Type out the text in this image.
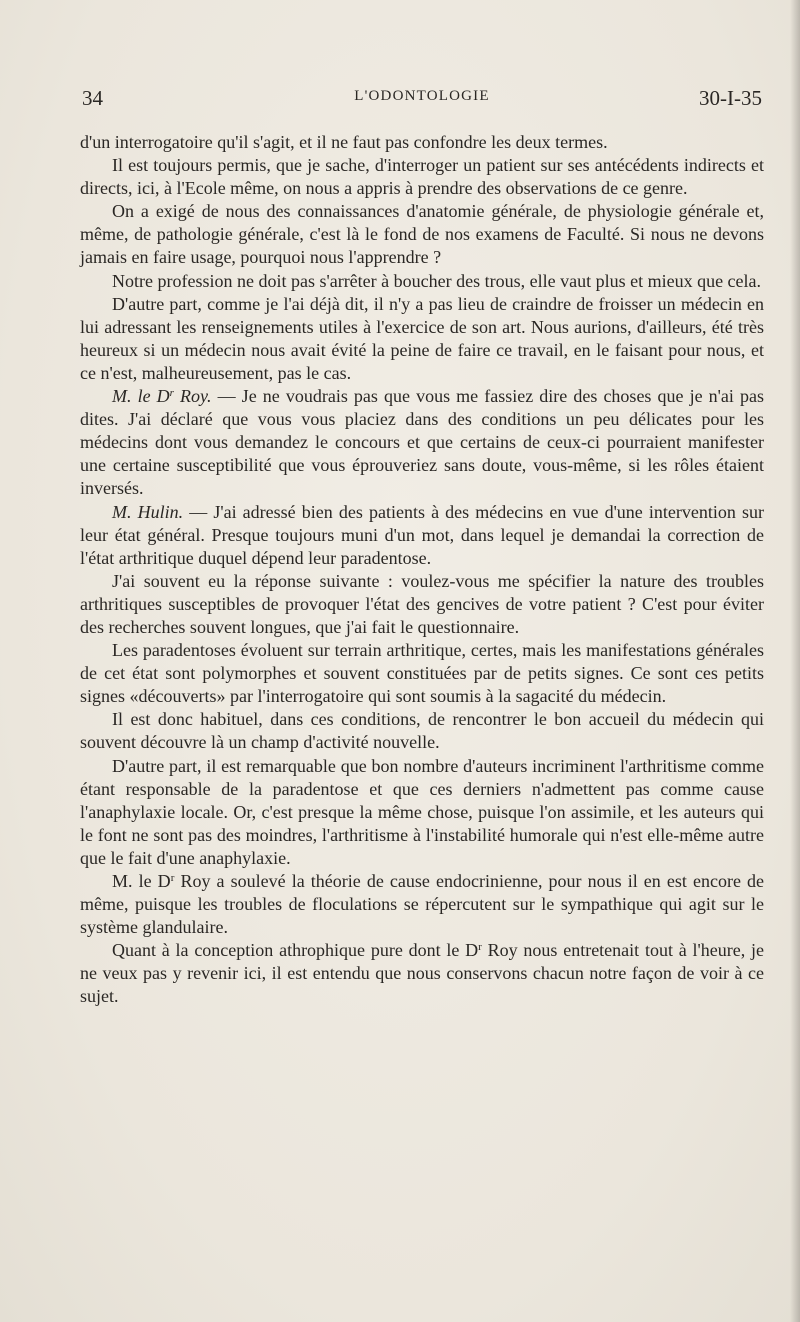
34	L'ODONTOLOGIE	30-I-35

d'un interrogatoire qu'il s'agit, et il ne faut pas confondre les deux termes.

Il est toujours permis, que je sache, d'interroger un patient sur ses antécédents indirects et directs, ici, à l'Ecole même, on nous a appris à prendre des observations de ce genre.

On a exigé de nous des connaissances d'anatomie générale, de physiologie générale et, même, de pathologie générale, c'est là le fond de nos examens de Faculté. Si nous ne devons jamais en faire usage, pourquoi nous l'apprendre ?

Notre profession ne doit pas s'arrêter à boucher des trous, elle vaut plus et mieux que cela.

D'autre part, comme je l'ai déjà dit, il n'y a pas lieu de craindre de froisser un médecin en lui adressant les renseignements utiles à l'exercice de son art. Nous aurions, d'ailleurs, été très heureux si un médecin nous avait évité la peine de faire ce travail, en le faisant pour nous, et ce n'est, malheureusement, pas le cas.

M. le $D^r$ Roy. — Je ne voudrais pas que vous me fassiez dire des choses que je n'ai pas dites. J'ai déclaré que vous vous placiez dans des conditions un peu délicates pour les médecins dont vous demandez le concours et que certains de ceux-ci pourraient manifester une certaine susceptibilité que vous éprouveriez sans doute, vous-même, si les rôles étaient inversés.

M. Hulin. — J'ai adressé bien des patients à des médecins en vue d'une intervention sur leur état général. Presque toujours muni d'un mot, dans lequel je demandai la correction de l'état arthritique duquel dépend leur paradentose.

J'ai souvent eu la réponse suivante : voulez-vous me spécifier la nature des troubles arthritiques susceptibles de provoquer l'état des gencives de votre patient ? C'est pour éviter des recherches souvent longues, que j'ai fait le questionnaire.

Les paradentoses évoluent sur terrain arthritique, certes, mais les manifestations générales de cet état sont polymorphes et souvent constituées par de petits signes. Ce sont ces petits signes «découverts» par l'interrogatoire qui sont soumis à la sagacité du médecin.

Il est donc habituel, dans ces conditions, de rencontrer le bon accueil du médecin qui souvent découvre là un champ d'activité nouvelle.

D'autre part, il est remarquable que bon nombre d'auteurs incriminent l'arthritisme comme étant responsable de la paradentose et que ces derniers n'admettent pas comme cause l'anaphylaxie locale. Or, c'est presque la même chose, puisque l'on assimile, et les auteurs qui le font ne sont pas des moindres, l'arthritisme à l'instabilité humorale qui n'est elle-même autre que le fait d'une anaphylaxie.

M. le $D^r$ Roy a soulevé la théorie de cause endocrinienne, pour nous il en est encore de même, puisque les troubles de floculations se répercutent sur le sympathique qui agit sur le système glandulaire.

Quant à la conception athrophique pure dont le $D^r$ Roy nous entretenait tout à l'heure, je ne veux pas y revenir ici, il est entendu que nous conservons chacun notre façon de voir à ce sujet.
